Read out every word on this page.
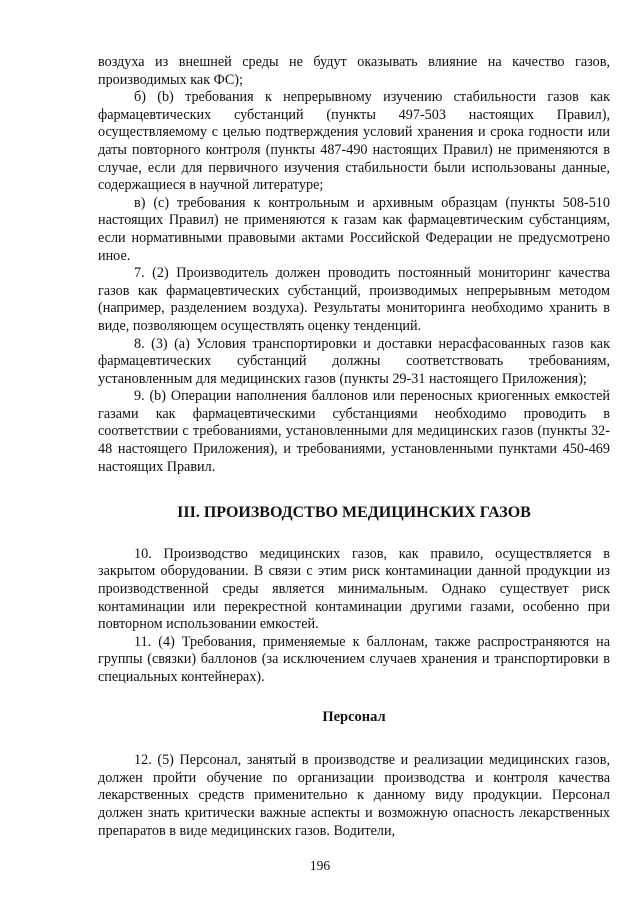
воздуха из внешней среды не будут оказывать влияние на качество газов, производимых как ФС);

б) (b) требования к непрерывному изучению стабильности газов как фармацевтических субстанций (пункты 497-503 настоящих Правил), осуществляемому с целью подтверждения условий хранения и срока годности или даты повторного контроля (пункты 487-490 настоящих Правил) не применяются в случае, если для первичного изучения стабильности были использованы данные, содержащиеся в научной литературе;

в) (c) требования к контрольным и архивным образцам (пункты 508-510 настоящих Правил) не применяются к газам как фармацевтическим субстанциям, если нормативными правовыми актами Российской Федерации не предусмотрено иное.

7. (2) Производитель должен проводить постоянный мониторинг качества газов как фармацевтических субстанций, производимых непрерывным методом (например, разделением воздуха). Результаты мониторинга необходимо хранить в виде, позволяющем осуществлять оценку тенденций.

8. (3) (a) Условия транспортировки и доставки нерасфасованных газов как фармацевтических субстанций должны соответствовать требованиям, установленным для медицинских газов (пункты 29-31 настоящего Приложения);

9. (b) Операции наполнения баллонов или переносных криогенных емкостей газами как фармацевтическими субстанциями необходимо проводить в соответствии с требованиями, установленными для медицинских газов (пункты 32-48 настоящего Приложения), и требованиями, установленными пунктами 450-469 настоящих Правил.

III. ПРОИЗВОДСТВО МЕДИЦИНСКИХ ГАЗОВ

10. Производство медицинских газов, как правило, осуществляется в закрытом оборудовании. В связи с этим риск контаминации данной продукции из производственной среды является минимальным. Однако существует риск контаминации или перекрестной контаминации другими газами, особенно при повторном использовании емкостей.

11. (4) Требования, применяемые к баллонам, также распространяются на группы (связки) баллонов (за исключением случаев хранения и транспортировки в специальных контейнерах).

Персонал

12. (5) Персонал, занятый в производстве и реализации медицинских газов, должен пройти обучение по организации производства и контроля качества лекарственных средств применительно к данному виду продукции. Персонал должен знать критически важные аспекты и возможную опасность лекарственных препаратов в виде медицинских газов. Водители,

196
